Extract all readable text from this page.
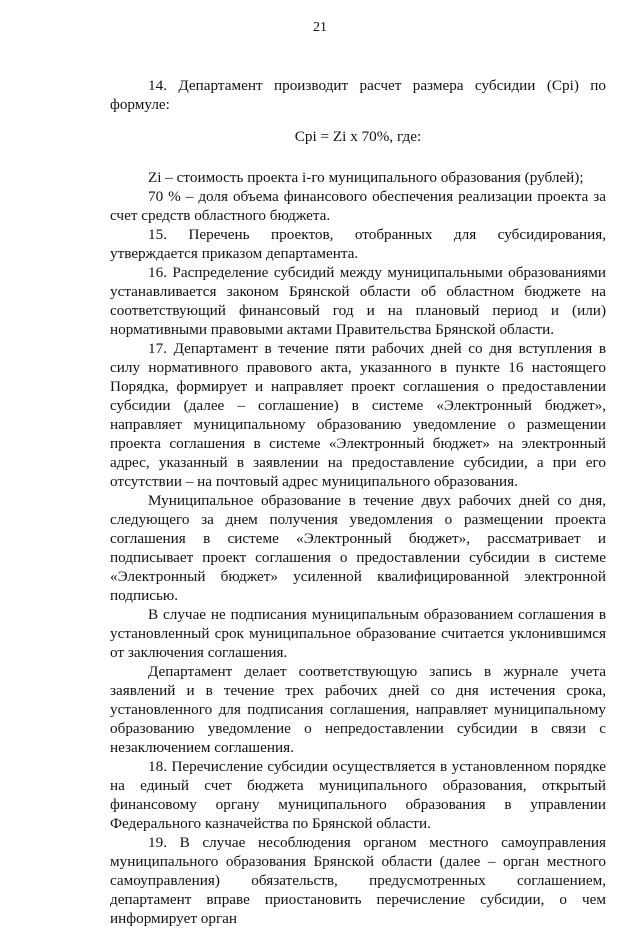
21

14. Департамент производит расчет размера субсидии (Cpi) по формуле:

Cpi = Zi x 70%, где:

Zi – стоимость проекта i-го муниципального образования (рублей);

70 % – доля объема финансового обеспечения реализации проекта за счет средств областного бюджета.

15. Перечень проектов, отобранных для субсидирования, утверждается приказом департамента.

16. Распределение субсидий между муниципальными образованиями устанавливается законом Брянской области об областном бюджете на соответствующий финансовый год и на плановый период и (или) нормативными правовыми актами Правительства Брянской области.

17. Департамент в течение пяти рабочих дней со дня вступления в силу нормативного правового акта, указанного в пункте 16 настоящего Порядка, формирует и направляет проект соглашения о предоставлении субсидии (далее – соглашение) в системе «Электронный бюджет», направляет муниципальному образованию уведомление о размещении проекта соглашения в системе «Электронный бюджет» на электронный адрес, указанный в заявлении на предоставление субсидии, а при его отсутствии – на почтовый адрес муниципального образования.

Муниципальное образование в течение двух рабочих дней со дня, следующего за днем получения уведомления о размещении проекта соглашения в системе «Электронный бюджет», рассматривает и подписывает проект соглашения о предоставлении субсидии в системе «Электронный бюджет» усиленной квалифицированной электронной подписью.

В случае не подписания муниципальным образованием соглашения в установленный срок муниципальное образование считается уклонившимся от заключения соглашения.

Департамент делает соответствующую запись в журнале учета заявлений и в течение трех рабочих дней со дня истечения срока, установленного для подписания соглашения, направляет муниципальному образованию уведомление о непредоставлении субсидии в связи с незаключением соглашения.

18. Перечисление субсидии осуществляется в установленном порядке на единый счет бюджета муниципального образования, открытый финансовому органу муниципального образования в управлении Федерального казначейства по Брянской области.

19. В случае несоблюдения органом местного самоуправления муниципального образования Брянской области (далее – орган местного самоуправления) обязательств, предусмотренных соглашением, департамент вправе приостановить перечисление субсидии, о чем информирует орган
